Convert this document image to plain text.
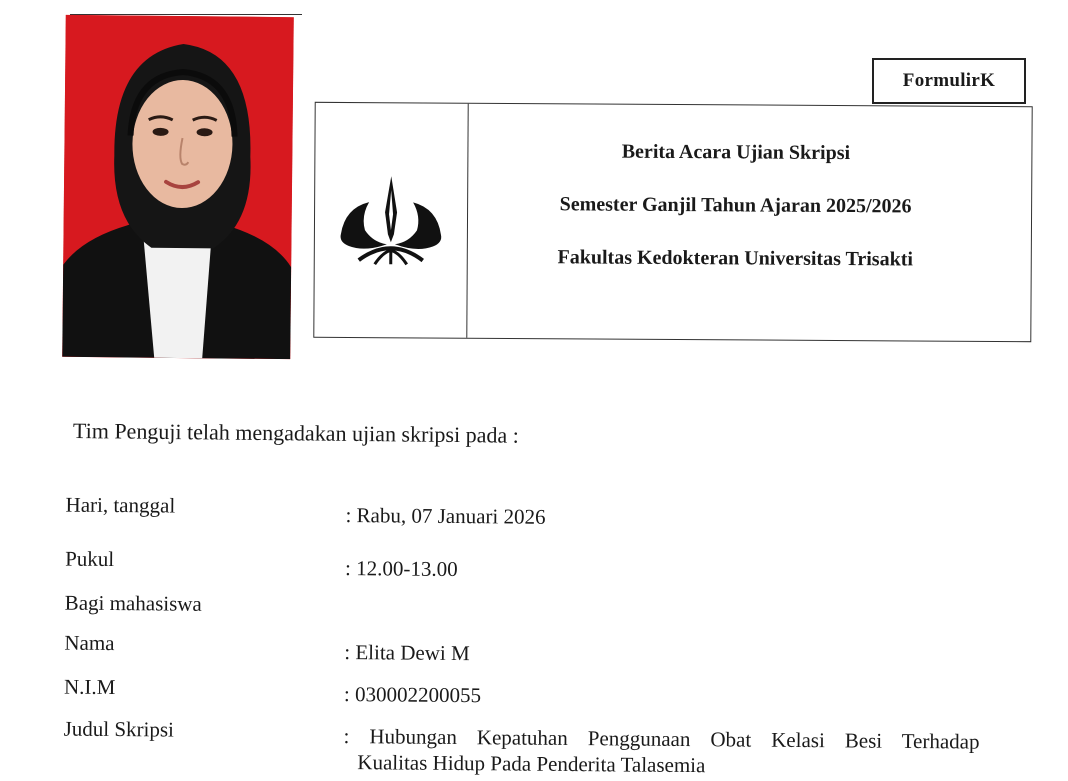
FormulirK
Berita Acara Ujian Skripsi
Semester Ganjil Tahun Ajaran 2025/2026
Fakultas Kedokteran Universitas Trisakti
Tim Penguji telah mengadakan ujian skripsi pada :
Hari, tanggal	: Rabu, 07 Januari 2026
Pukul	: 12.00-13.00
Bagi mahasiswa
Nama	: Elita Dewi M
N.I.M	: 030002200055
Judul Skripsi	: Hubungan Kepatuhan Penggunaan Obat Kelasi Besi Terhadap
Kualitas Hidup Pada Penderita Talasemia
